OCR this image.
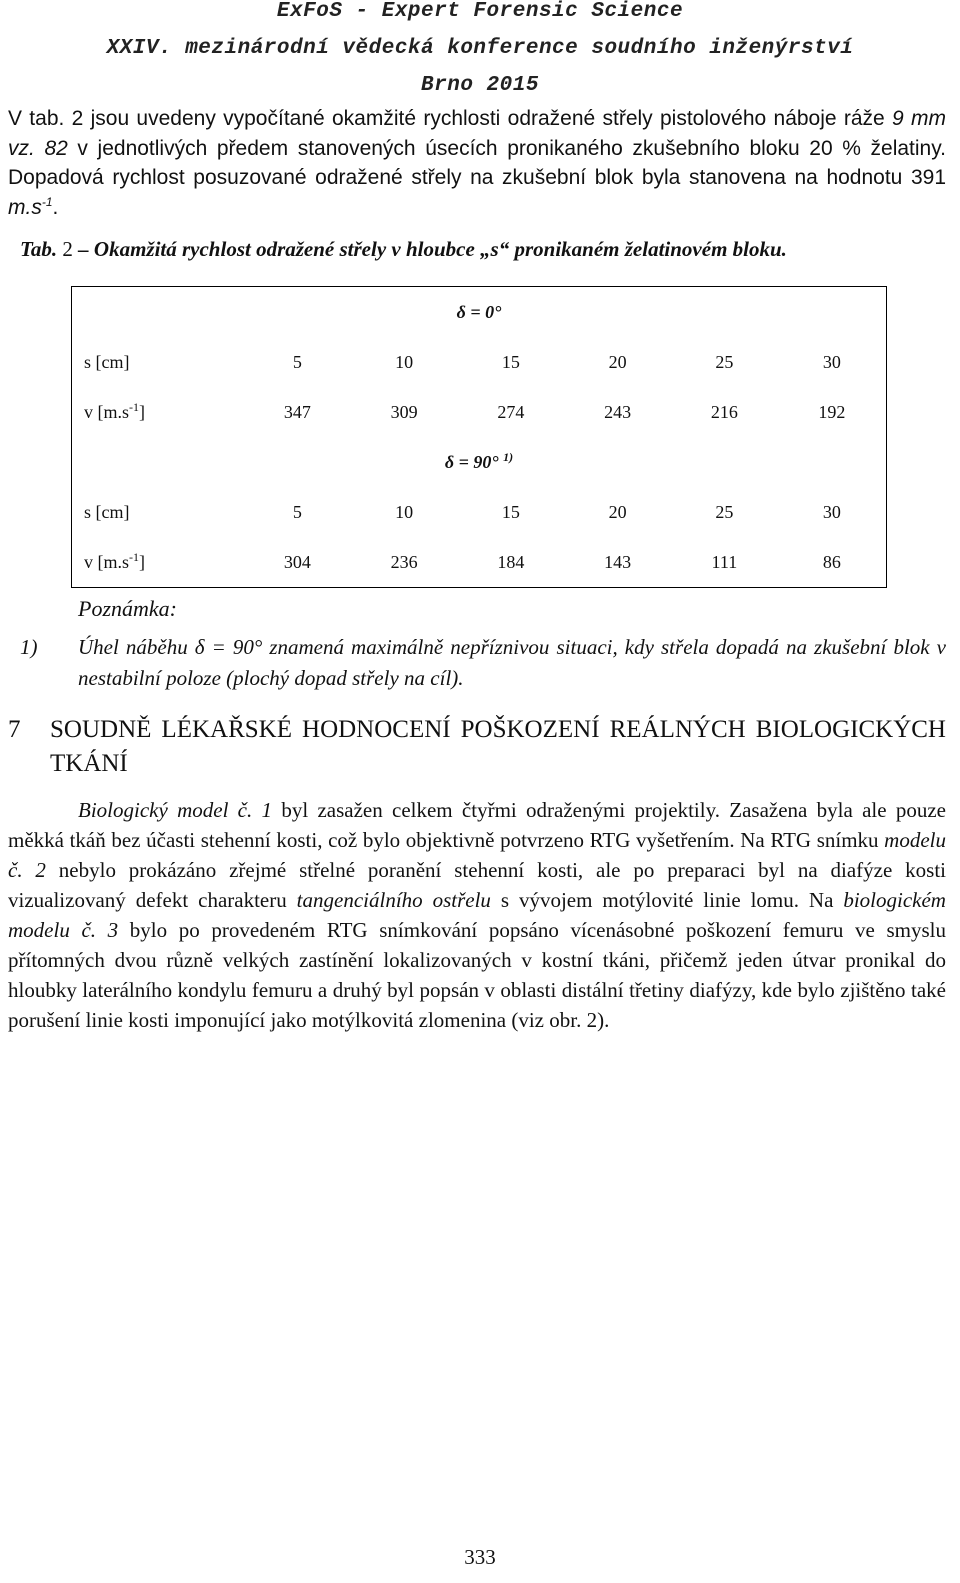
ExFoS - Expert Forensic Science
XXIV. mezinárodní vědecká konference soudního inženýrství
Brno 2015

V tab. 2 jsou uvedeny vypočítané okamžité rychlosti odražené střely pistolového náboje ráže 9 mm vz. 82 v jednotlivých předem stanovených úsecích pronikaného zkušebního bloku 20 % želatiny. Dopadová rychlost posuzované odražené střely na zkušební blok byla stanovena na hodnotu 391 $m.s^{-1}$.

Tab. 2 – Okamžitá rychlost odražené střely v hloubce „s“ pronikaném želatinovém bloku.
δ = 0°						
s [cm]	5	10	15	20	25	30
v $[m.s^{-1}]$	347	309	274	243	216	192
δ = 90° $^{1)}$
s [cm]	5	10	15	20	25	30
v $[m.s^{-1}]$	304	236	184	143	111	86
Poznámka:
1) Úhel náběhu δ = 90° znamená maximálně nepříznivou situaci, kdy střela dopadá na zkušební blok v nestabilní poloze (plochý dopad střely na cíl).
7 SOUDNĚ LÉKAŘSKÉ HODNOCENÍ POŠKOZENÍ REÁLNÝCH BIOLOGICKÝCH TKÁNÍ

Biologický model č. 1 byl zasažen celkem čtyřmi odraženými projektily. Zasažena byla ale pouze měkká tkáň bez účasti stehenní kosti, což bylo objektivně potvrzeno RTG vyšetřením. Na RTG snímku modelu č. 2 nebylo prokázáno zřejmé střelné poranění stehenní kosti, ale po preparaci byl na diafýze kosti vizualizovaný defekt charakteru tangenciálního ostřelu s vývojem motýlovité linie lomu. Na biologickém modelu č. 3 bylo po provedeném RTG snímkování popsáno vícenásobné poškození femuru ve smyslu přítomných dvou různě velkých zastínění lokalizovaných v kostní tkáni, přičemž jeden útvar pronikal do hloubky laterálního kondylu femuru a druhý byl popsán v oblasti distální třetiny diafýzy, kde bylo zjištěno také porušení linie kosti imponující jako motýlkovitá zlomenina (viz obr. 2).

333
